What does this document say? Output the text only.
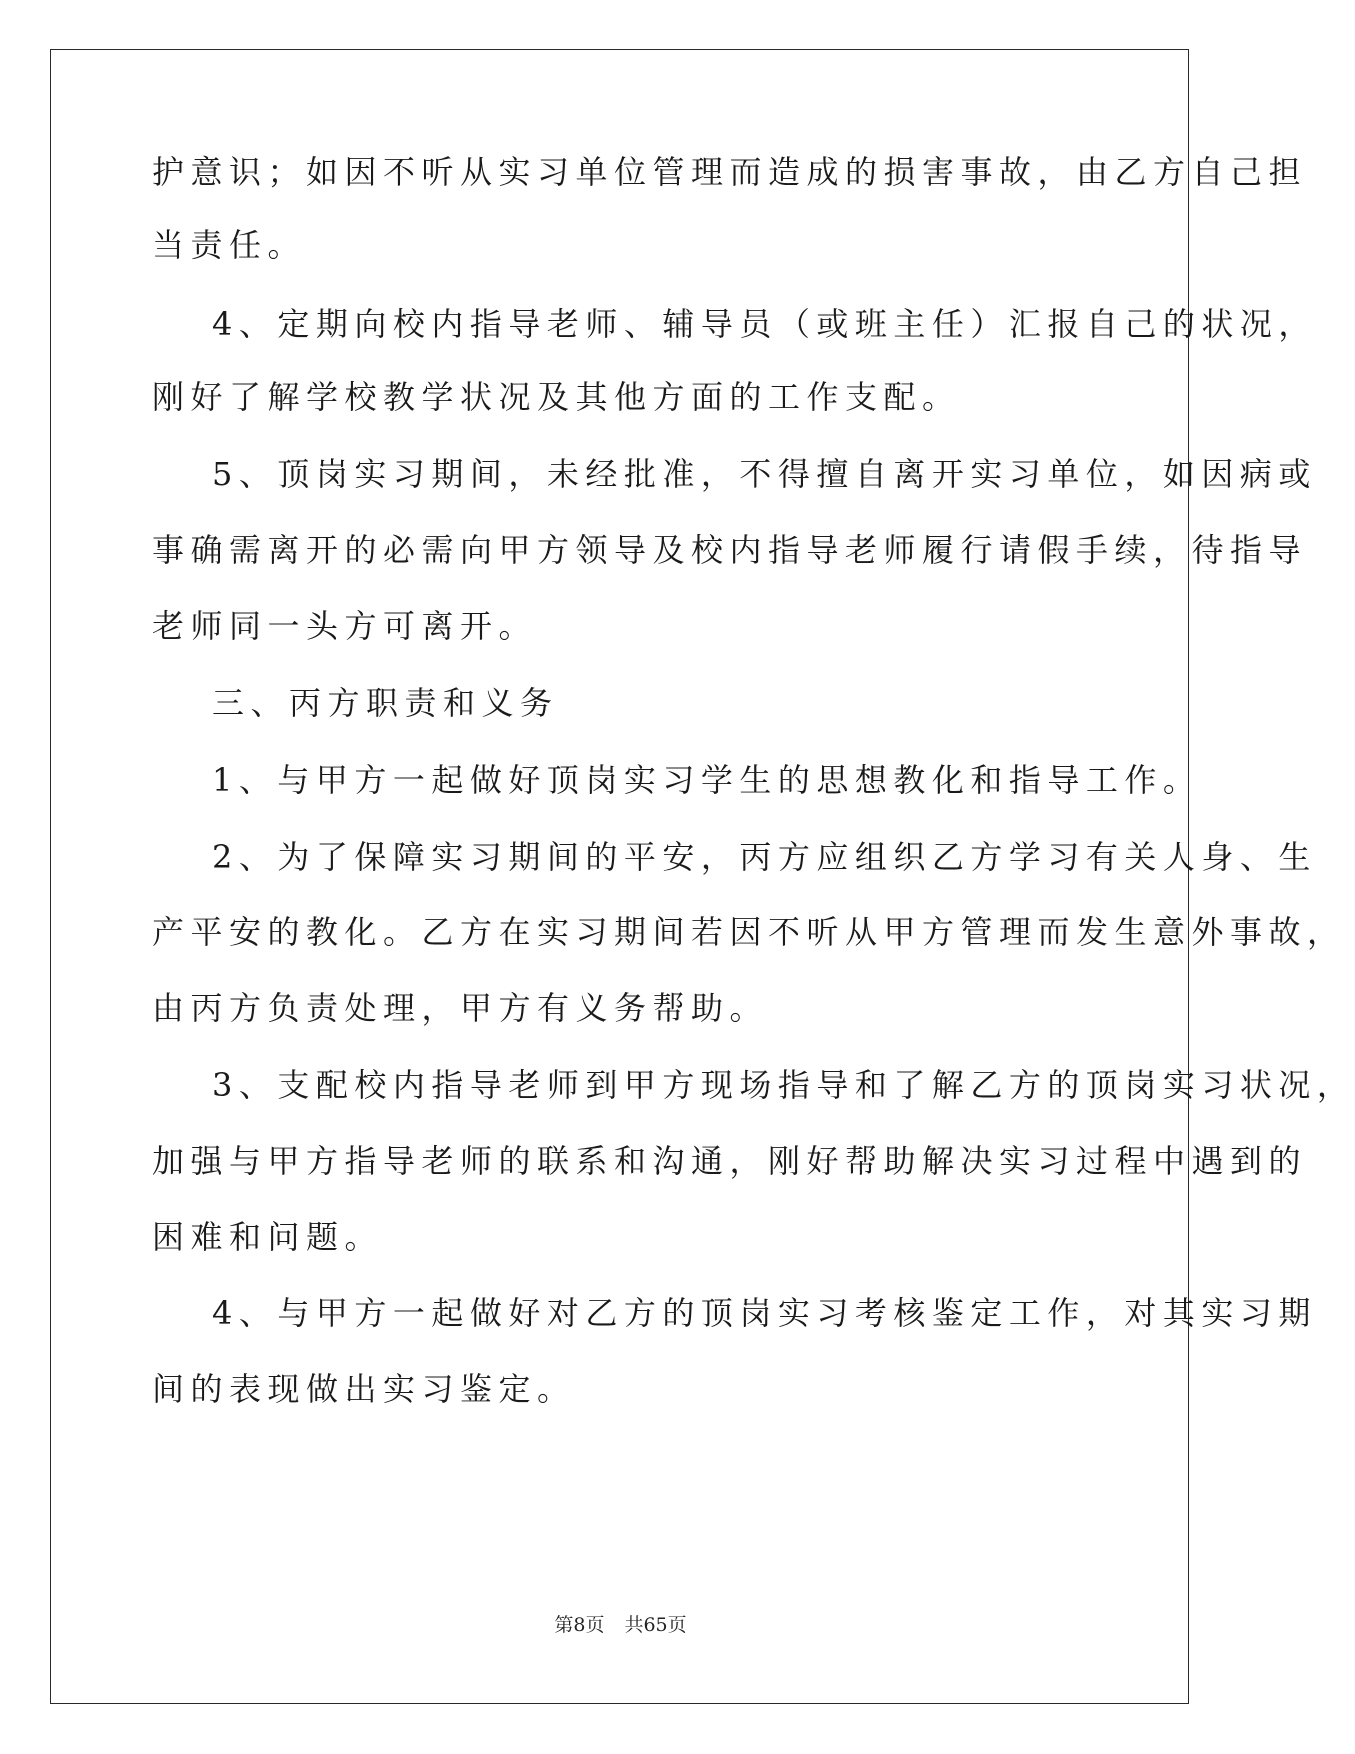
护意识；如因不听从实习单位管理而造成的损害事故，由乙方自己担
当责任。
4、定期向校内指导老师、辅导员（或班主任）汇报自己的状况，
刚好了解学校教学状况及其他方面的工作支配。
5、顶岗实习期间，未经批准，不得擅自离开实习单位，如因病或
事确需离开的必需向甲方领导及校内指导老师履行请假手续，待指导
老师同一头方可离开。
三、丙方职责和义务
1、与甲方一起做好顶岗实习学生的思想教化和指导工作。
2、为了保障实习期间的平安，丙方应组织乙方学习有关人身、生
产平安的教化。乙方在实习期间若因不听从甲方管理而发生意外事故，
由丙方负责处理，甲方有义务帮助。
3、支配校内指导老师到甲方现场指导和了解乙方的顶岗实习状况，
加强与甲方指导老师的联系和沟通，刚好帮助解决实习过程中遇到的
困难和问题。
4、与甲方一起做好对乙方的顶岗实习考核鉴定工作，对其实习期
间的表现做出实习鉴定。
第8页 共65页
